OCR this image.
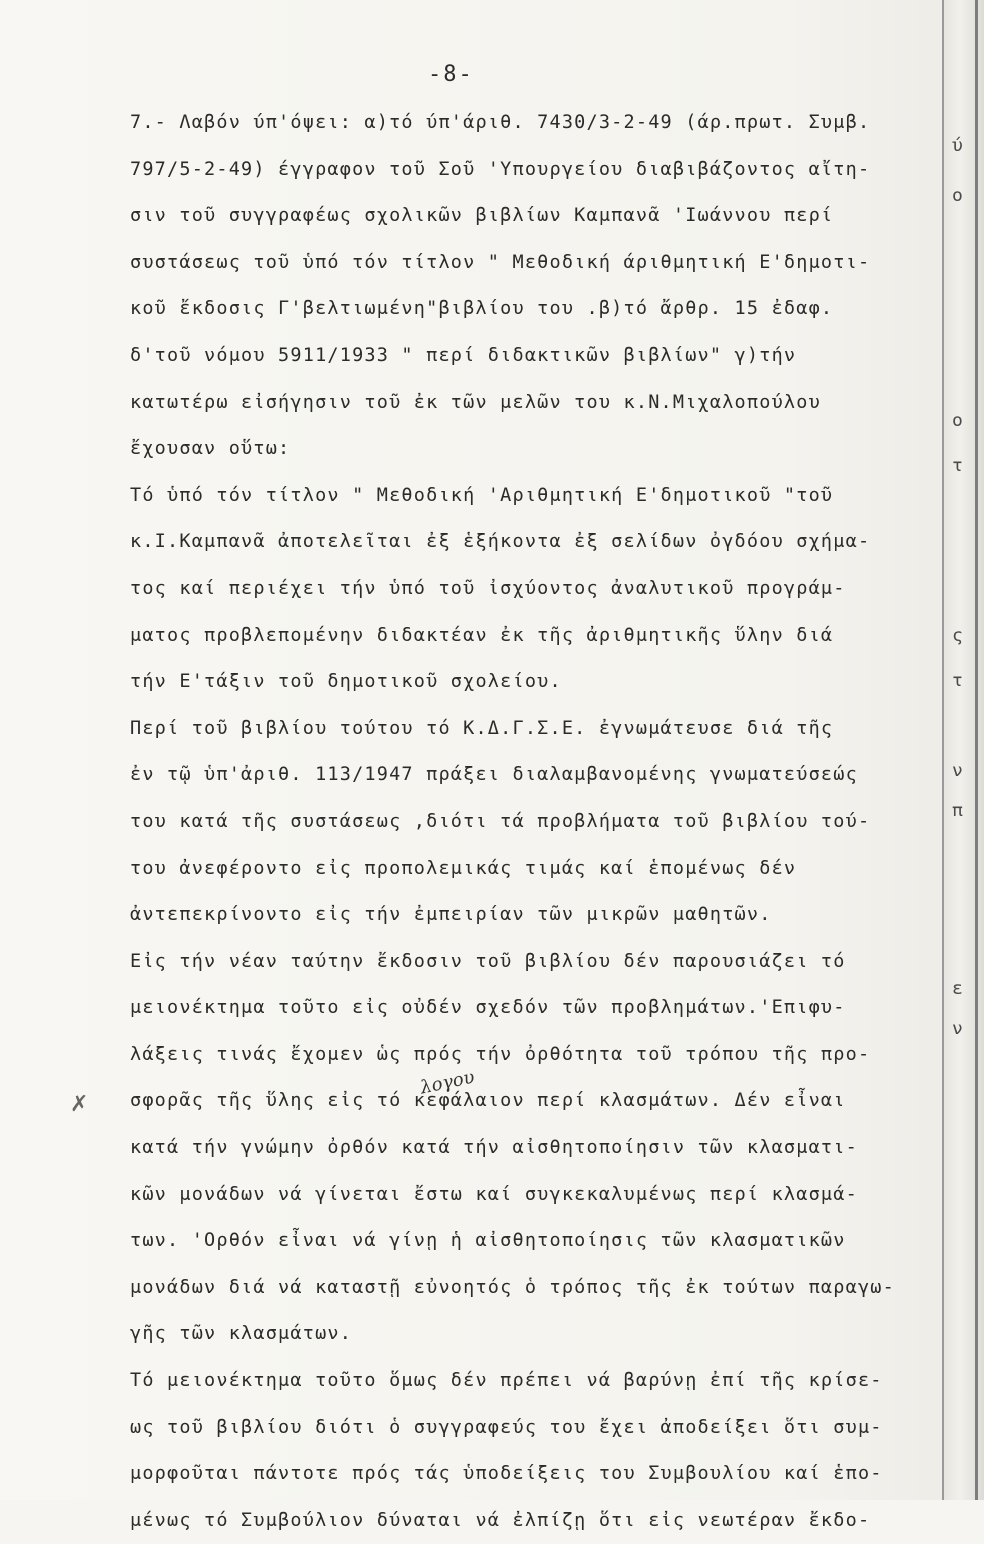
-8-
7.- Λαβόν ύπ'όψει: α)τό ύπ'άριθ. 7430/3-2-49 (άρ.πρωτ. Συμβ.
797/5-2-49) έγγραφον τοῦ Σοῦ 'Υπουργείου διαβιβάζοντος αἴτη-
σιν τοῦ συγγραφέως σχολικῶν βιβλίων Καμπανᾶ 'Ιωάννου περί
συστάσεως τοῦ ὑπό τόν τίτλον " Μεθοδική άριθμητική Ε'δημοτι-
κοῦ ἔκδοσις Γ'βελτιωμένη"βιβλίου του .β)τό ἄρθρ. 15 ἐδαφ.
δ'τοῦ νόμου 5911/1933 " περί διδακτικῶν βιβλίων" γ)τήν
κατωτέρω εἰσήγησιν τοῦ ἐκ τῶν μελῶν του κ.Ν.Μιχαλοπούλου
ἔχουσαν οὕτω:
Τό ὑπό τόν τίτλον " Μεθοδική 'Αριθμητική Ε'δημοτικοῦ "τοῦ
κ.Ι.Καμπανᾶ ἀποτελεῖται ἐξ ἑξήκοντα ἐξ σελίδων ὀγδόου σχήμα-
τος καί περιέχει τήν ὑπό τοῦ ἰσχύοντος ἀναλυτικοῦ προγράμ-
ματος προβλεπομένην διδακτέαν ἐκ τῆς ἀριθμητικῆς ὕλην διά
τήν Ε'τάξιν τοῦ δημοτικοῦ σχολείου.
Περί τοῦ βιβλίου τούτου τό Κ.Δ.Γ.Σ.Ε. ἐγνωμάτευσε διά τῆς
ἐν τῷ ὑπ'ἀριθ. 113/1947 πράξει διαλαμβανομένης γνωματεύσεώς
του κατά τῆς συστάσεως ,διότι τά προβλήματα τοῦ βιβλίου τού-
του ἀνεφέροντο εἰς προπολεμικάς τιμάς καί ἑπομένως δέν
ἀντεπεκρίνοντο εἰς τήν ἐμπειρίαν τῶν μικρῶν μαθητῶν.
Εἰς τήν νέαν ταύτην ἔκδοσιν τοῦ βιβλίου δέν παρουσιάζει τό
μειονέκτημα τοῦτο εἰς οὐδέν σχεδόν τῶν προβλημάτων.'Επιφυ-
λάξεις τινάς ἔχομεν ὡς πρός τήν ὀρθότητα τοῦ τρόπου τῆς προ-
σφορᾶς τῆς ὕλης εἰς τό κεφάλαιον περί κλασμάτων. Δέν εἶναι
κατά τήν γνώμην ὀρθόν κατά τήν αἰσθητοποίησιν τῶν κλασματι-
κῶν μονάδων νά γίνεται ἔστω καί συγκεκαλυμένως περί κλασμά-
των. 'Ορθόν εἶναι νά γίνῃ ἡ αἰσθητοποίησις τῶν κλασματικῶν
μονάδων διά νά καταστῇ εὐνοητός ὁ τρόπος τῆς ἐκ τούτων παραγω-
γῆς τῶν κλασμάτων.
Τό μειονέκτημα τοῦτο ὅμως δέν πρέπει νά βαρύνῃ ἐπί τῆς κρίσε-
ως τοῦ βιβλίου διότι ὁ συγγραφεύς του ἔχει ἀποδείξει ὅτι συμ-
μορφοῦται πάντοτε πρός τάς ὑποδείξεις του Συμβουλίου καί ἑπο-
μένως τό Συμβούλιον δύναται νά ἐλπίζῃ ὅτι εἰς νεωτέραν ἔκδο-
✗
λογου
ύ
ο
ο
τ
ς
τ
ν
π
ε
ν
